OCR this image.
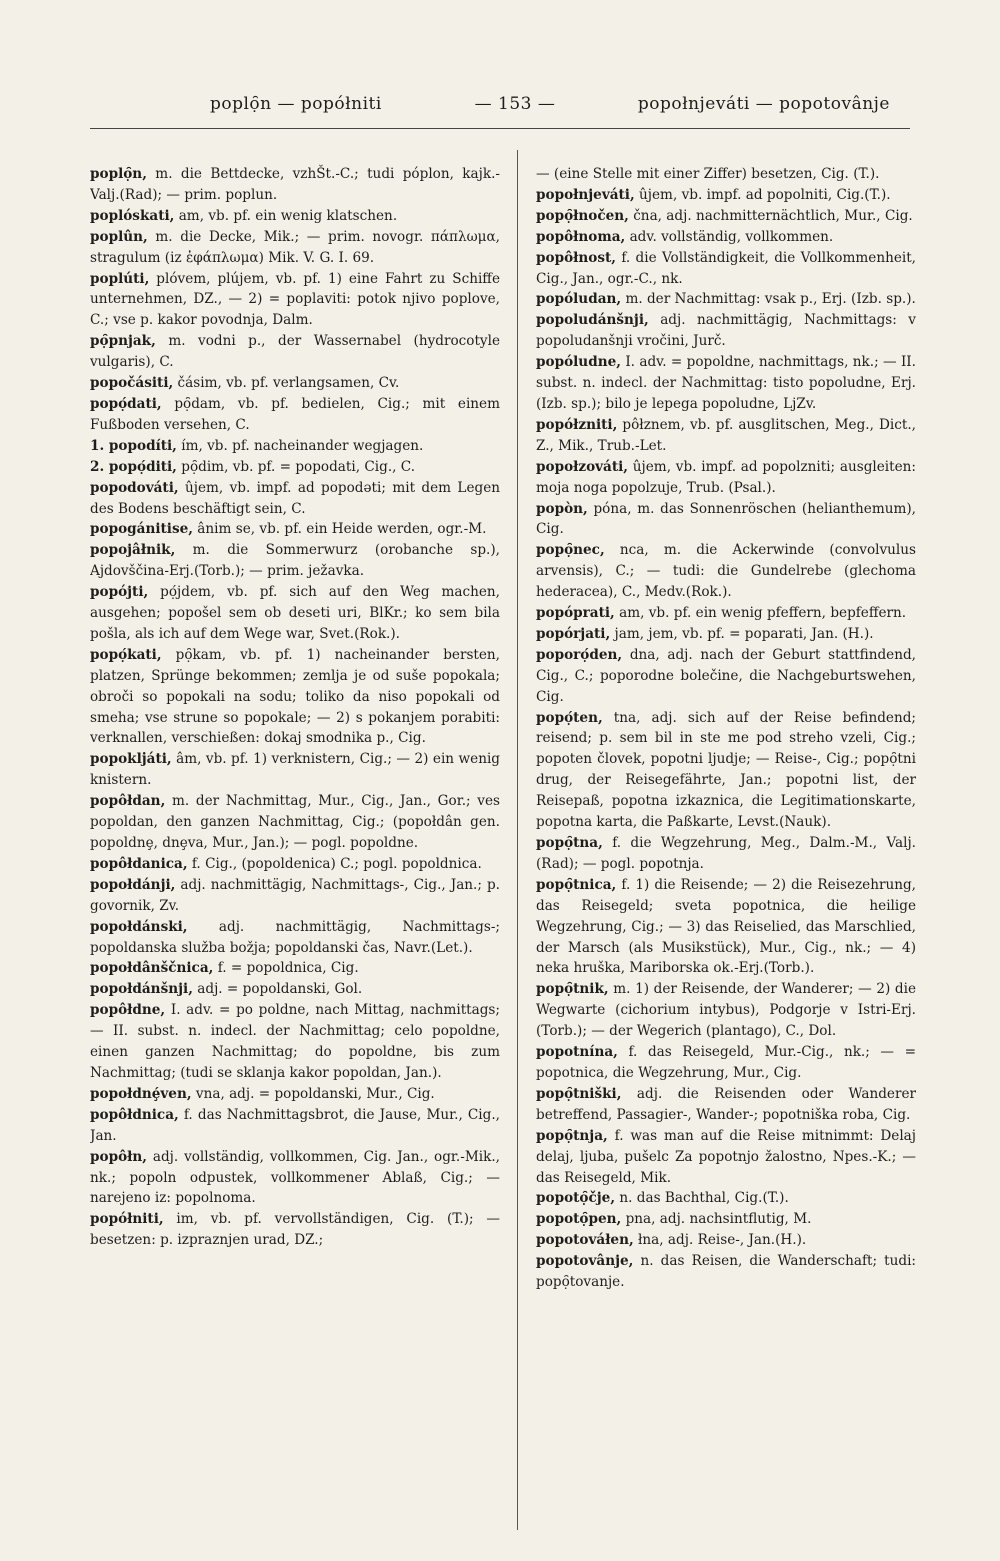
poplọ̑n — popółniti	— 153 —	popołnjeváti — popotovânje

poplọ̑n, m. die Bettdecke, vzhŠt.-C.; tudi póplon, kajk.-Valj.(Rad); — prim. poplun.

poplóskati, am, vb. pf. ein wenig klatschen.

poplûn, m. die Decke, Mik.; — prim. novogr. πάπλωμα, stragulum (iz ἐφάπλωμα) Mik. V. G. I. 69.

poplúti, plóvem, plújem, vb. pf. 1) eine Fahrt zu Schiffe unternehmen, DZ., — 2) = poplaviti: potok njivo poplove, C.; vse p. kakor povodnja, Dalm.

pọ̑pnjak, m. vodni p., der Wassernabel (hydrocotyle vulgaris), C.

popočásiti, čásim, vb. pf. verlangsamen, Cv.

popọ́dati, pọ̑dam, vb. pf. bedielen, Cig.; mit einem Fußboden versehen, C.

1. popodíti, ím, vb. pf. nacheinander wegjagen.

2. popọ́diti, pọ̑dim, vb. pf. = popodati, Cig., C.

popodováti, ûjem, vb. impf. ad popodəti; mit dem Legen des Bodens beschäftigt sein, C.

popogánitise, ânim se, vb. pf. ein Heide werden, ogr.-M.

popojâłnik, m. die Sommerwurz (orobanche sp.), Ajdovščina-Erj.(Torb.); — prim. ježavka.

popójti, pọ́jdem, vb. pf. sich auf den Weg machen, ausgehen; popošel sem ob deseti uri, BlKr.; ko sem bila pošla, als ich auf dem Wege war, Svet.(Rok.).

popọ́kati, pọ̑kam, vb. pf. 1) nacheinander bersten, platzen, Sprünge bekommen; zemlja je od suše popokala; obroči so popokali na sodu; toliko da niso popokali od smeha; vse strune so popokale; — 2) s pokanjem porabiti: verknallen, verschießen: dokaj smodnika p., Cig.

popoklјáti, âm, vb. pf. 1) verknistern, Cig.; — 2) ein wenig knistern.

popôłdan, m. der Nachmittag, Mur., Cig., Jan., Gor.; ves popoldan, den ganzen Nachmittag, Cig.; (popołdân gen. popoldnȩ, dnȩva, Mur., Jan.); — pogl. popoldne.

popôłdanica, f. Cig., (popoldenica) C.; pogl. popoldnica.

popołdánji, adj. nachmittägig, Nachmittags-, Cig., Jan.; p. govornik, Zv.

popołdánski, adj. nachmittägig, Nachmittags-; popoldanska služba božja; popoldanski čas, Navr.(Let.).

popołdânščnica, f. = popoldnica, Cig.

popołdánšnji, adj. = popoldanski, Gol.

popôłdne, I. adv. = po poldne, nach Mittag, nachmittags; — II. subst. n. indecl. der Nachmittag; celo popoldne, einen ganzen Nachmittag; do popoldne, bis zum Nachmittag; (tudi se sklanja kakor popoldan, Jan.).

popołdnȩ́ven, vna, adj. = popoldanski, Mur., Cig.

popôłdnica, f. das Nachmittagsbrot, die Jause, Mur., Cig., Jan.

popôłn, adj. vollständig, vollkommen, Cig. Jan., ogr.-Mik., nk.; popoln odpustek, vollkommener Ablaß, Cig.; — narejeno iz: popolnoma.

popółniti, im, vb. pf. vervollständigen, Cig. (T.); — besetzen: p. izpraznjen urad, DZ.;

— (eine Stelle mit einer Ziffer) besetzen, Cig. (T.).

popołnjeváti, ûjem, vb. impf. ad popolniti, Cig.(T.).

popọ̑łnočen, čna, adj. nachmitternächtlich, Mur., Cig.

popôłnoma, adv. vollständig, vollkommen.

popôłnost, f. die Vollständigkeit, die Vollkommenheit, Cig., Jan., ogr.-C., nk.

popóludan, m. der Nachmittag: vsak p., Erj. (Izb. sp.).

popoludánšnji, adj. nachmittägig, Nachmittags: v popoludanšnji vročini, Jurč.

popóludne, I. adv. = popoldne, nachmittags, nk.; — II. subst. n. indecl. der Nachmittag: tisto popoludne, Erj.(Izb. sp.); bilo je lepega popoludne, LjZv.

popółzniti, pôłznem, vb. pf. ausglitschen, Meg., Dict., Z., Mik., Trub.-Let.

popołzováti, ûjem, vb. impf. ad popolzniti; ausgleiten: moja noga popolzuje, Trub. (Psal.).

popòn, póna, m. das Sonnenröschen (helianthemum), Cig.

popọ̑nec, nca, m. die Ackerwinde (convolvulus arvensis), C.; — tudi: die Gundelrebe (glechoma hederacea), C., Medv.(Rok.).

popóprati, am, vb. pf. ein wenig pfeffern, bepfeffern.

popórjati, jam, jem, vb. pf. = poparati, Jan. (H.).

poporọ́den, dna, adj. nach der Geburt stattfindend, Cig., C.; poporodne bolečine, die Nachgeburtswehen, Cig.

popọ́ten, tna, adj. sich auf der Reise befindend; reisend; p. sem bil in ste me pod streho vzeli, Cig.; popoten človek, popotni ljudje; — Reise-, Cig.; popọ̑tni drug, der Reisegefährte, Jan.; popotni list, der Reisepaß, popotna izkaznica, die Legitimationskarte, popotna karta, die Paßkarte, Levst.(Nauk).

popọ̑tna, f. die Wegzehrung, Meg., Dalm.-M., Valj.(Rad); — pogl. popotnja.

popọ̑tnica, f. 1) die Reisende; — 2) die Reisezehrung, das Reisegeld; sveta popotnica, die heilige Wegzehrung, Cig.; — 3) das Reiselied, das Marschlied, der Marsch (als Musikstück), Mur., Cig., nk.; — 4) neka hruška, Mariborska ok.-Erj.(Torb.).

popọ̑tnik, m. 1) der Reisende, der Wanderer; — 2) die Wegwarte (cichorium intybus), Podgorje v Istri-Erj.(Torb.); — der Wegerich (plantago), C., Dol.

popotnína, f. das Reisegeld, Mur.-Cig., nk.; — = popotnica, die Wegzehrung, Mur., Cig.

popọ̑tniški, adj. die Reisenden oder Wanderer betreffend, Passagier-, Wander-; popotniška roba, Cig.

popọ̑tnja, f. was man auf die Reise mitnimmt: Delaj delaj, ljuba, pušelc Za popotnjo žalostno, Npes.-K.; — das Reisegeld, Mik.

popotọ̑čje, n. das Bachthal, Cig.(T.).

popotọ̑pen, pna, adj. nachsintflutig, M.

popotováłen, łna, adj. Reise-, Jan.(H.).

popotovânje, n. das Reisen, die Wanderschaft; tudi: popọ̑tovanje.
